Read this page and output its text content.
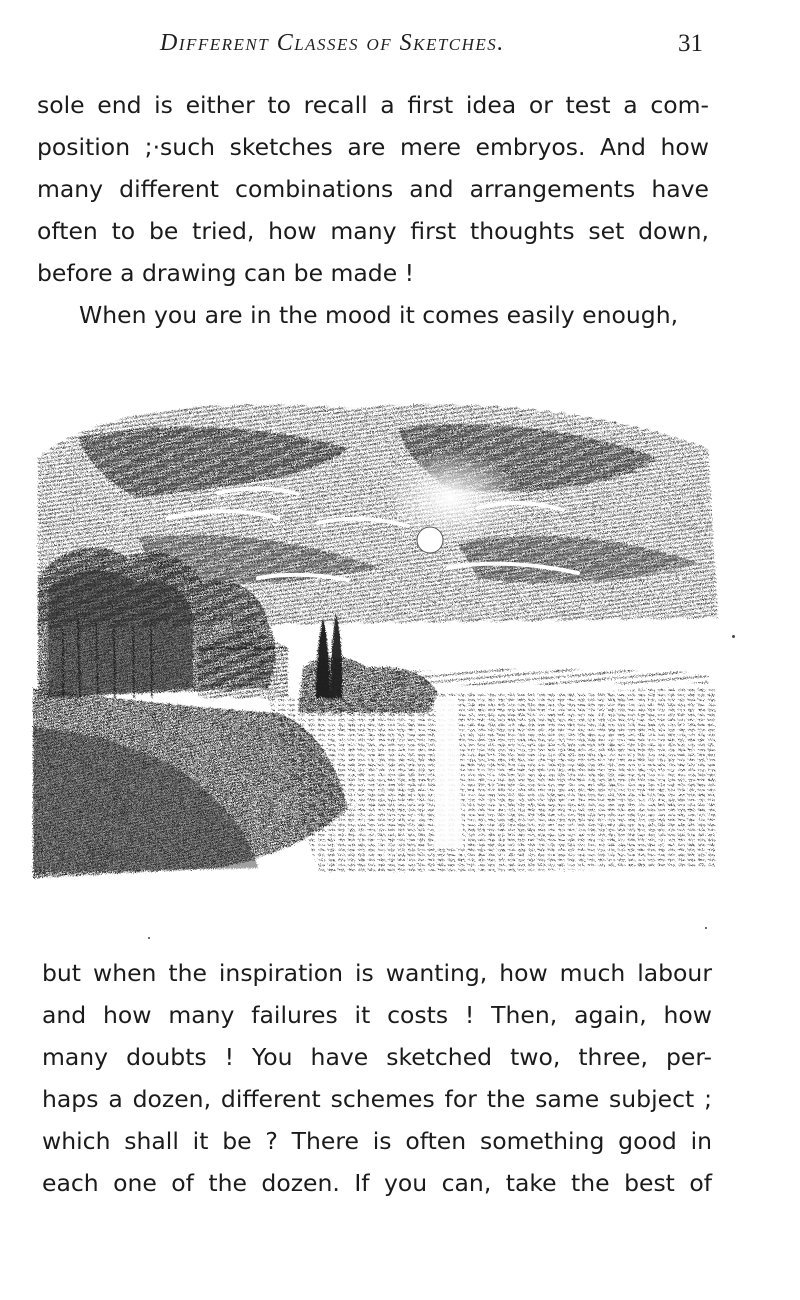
Different Classes of Sketches.	31
sole end is either to recall a first idea or test a com-
position ;·such sketches are mere embryos. And how
many different combinations and arrangements have
often to be tried, how many first thoughts set down,
before a drawing can be made !
When you are in the mood it comes easily enough,
but when the inspiration is wanting, how much labour
and how many failures it costs ! Then, again, how
many doubts ! You have sketched two, three, per-
haps a dozen, different schemes for the same subject ;
which shall it be ? There is often something good in
each one of the dozen. If you can, take the best of
